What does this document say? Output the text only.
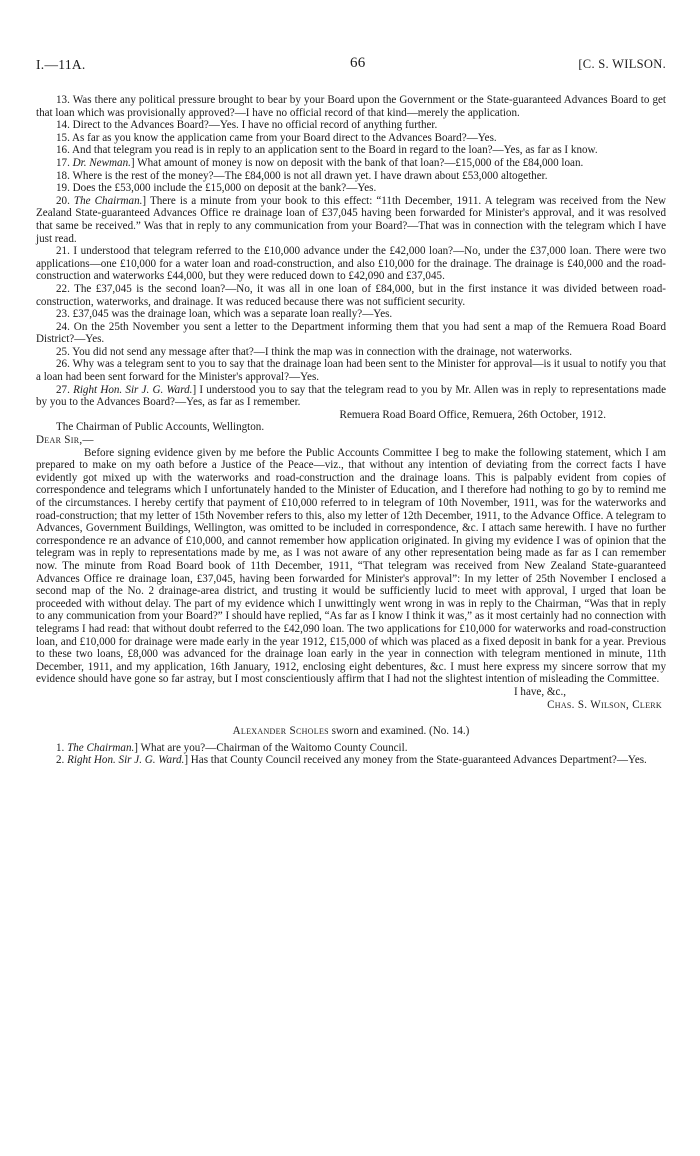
I.—11A.	66	[C. S. WILSON.

13. Was there any political pressure brought to bear by your Board upon the Government or the State-guaranteed Advances Board to get that loan which was provisionally approved?—I have no official record of that kind—merely the application.

14. Direct to the Advances Board?—Yes. I have no official record of anything further.

15. As far as you know the application came from your Board direct to the Advances Board?—Yes.

16. And that telegram you read is in reply to an application sent to the Board in regard to the loan?—Yes, as far as I know.

17. Dr. Newman.] What amount of money is now on deposit with the bank of that loan?—£15,000 of the £84,000 loan.

18. Where is the rest of the money?—The £84,000 is not all drawn yet. I have drawn about £53,000 altogether.

19. Does the £53,000 include the £15,000 on deposit at the bank?—Yes.

20. The Chairman.] There is a minute from your book to this effect: “11th December, 1911. A telegram was received from the New Zealand State-guaranteed Advances Office re drainage loan of £37,045 having been forwarded for Minister's approval, and it was resolved that same be received.” Was that in reply to any communication from your Board?—That was in connection with the telegram which I have just read.

21. I understood that telegram referred to the £10,000 advance under the £42,000 loan?—No, under the £37,000 loan. There were two applications—one £10,000 for a water loan and road-construction, and also £10,000 for the drainage. The drainage is £40,000 and the road-construction and waterworks £44,000, but they were reduced down to £42,090 and £37,045.

22. The £37,045 is the second loan?—No, it was all in one loan of £84,000, but in the first instance it was divided between road-construction, waterworks, and drainage. It was reduced because there was not sufficient security.

23. £37,045 was the drainage loan, which was a separate loan really?—Yes.

24. On the 25th November you sent a letter to the Department informing them that you had sent a map of the Remuera Road Board District?—Yes.

25. You did not send any message after that?—I think the map was in connection with the drainage, not waterworks.

26. Why was a telegram sent to you to say that the drainage loan had been sent to the Minister for approval—is it usual to notify you that a loan had been sent forward for the Minister's approval?—Yes.

27. Right Hon. Sir J. G. Ward.] I understood you to say that the telegram read to you by Mr. Allen was in reply to representations made by you to the Advances Board?—Yes, as far as I remember.

Remuera Road Board Office, Remuera, 26th October, 1912.

The Chairman of Public Accounts, Wellington.

Dear Sir,—

Before signing evidence given by me before the Public Accounts Committee I beg to make the following statement, which I am prepared to make on my oath before a Justice of the Peace—viz., that without any intention of deviating from the correct facts I have evidently got mixed up with the waterworks and road-construction and the drainage loans. This is palpably evident from copies of correspondence and telegrams which I unfortunately handed to the Minister of Education, and I therefore had nothing to go by to remind me of the circumstances. I hereby certify that payment of £10,000 referred to in telegram of 10th November, 1911, was for the waterworks and road-construction; that my letter of 15th November refers to this, also my letter of 12th December, 1911, to the Advance Office. A telegram to Advances, Government Buildings, Wellington, was omitted to be included in correspondence, &c. I attach same herewith. I have no further correspondence re an advance of £10,000, and cannot remember how application originated. In giving my evidence I was of opinion that the telegram was in reply to representations made by me, as I was not aware of any other representation being made as far as I can remember now. The minute from Road Board book of 11th December, 1911, “That telegram was received from New Zealand State-guaranteed Advances Office re drainage loan, £37,045, having been forwarded for Minister's approval”: In my letter of 25th November I enclosed a second map of the No. 2 drainage-area district, and trusting it would be sufficiently lucid to meet with approval, I urged that loan be proceeded with without delay. The part of my evidence which I unwittingly went wrong in was in reply to the Chairman, “Was that in reply to any communication from your Board?” I should have replied, “As far as I know I think it was,” as it most certainly had no connection with telegrams I had read: that without doubt referred to the £42,090 loan. The two applications for £10,000 for waterworks and road-construction loan, and £10,000 for drainage were made early in the year 1912, £15,000 of which was placed as a fixed deposit in bank for a year. Previous to these two loans, £8,000 was advanced for the drainage loan early in the year in connection with telegram mentioned in minute, 11th December, 1911, and my application, 16th January, 1912, enclosing eight debentures, &c. I must here express my sincere sorrow that my evidence should have gone so far astray, but I most conscientiously affirm that I had not the slightest intention of misleading the Committee.

I have, &c.,

Chas. S. Wilson, Clerk

Alexander Scholes sworn and examined. (No. 14.)

1. The Chairman.] What are you?—Chairman of the Waitomo County Council.

2. Right Hon. Sir J. G. Ward.] Has that County Council received any money from the State-guaranteed Advances Department?—Yes.
